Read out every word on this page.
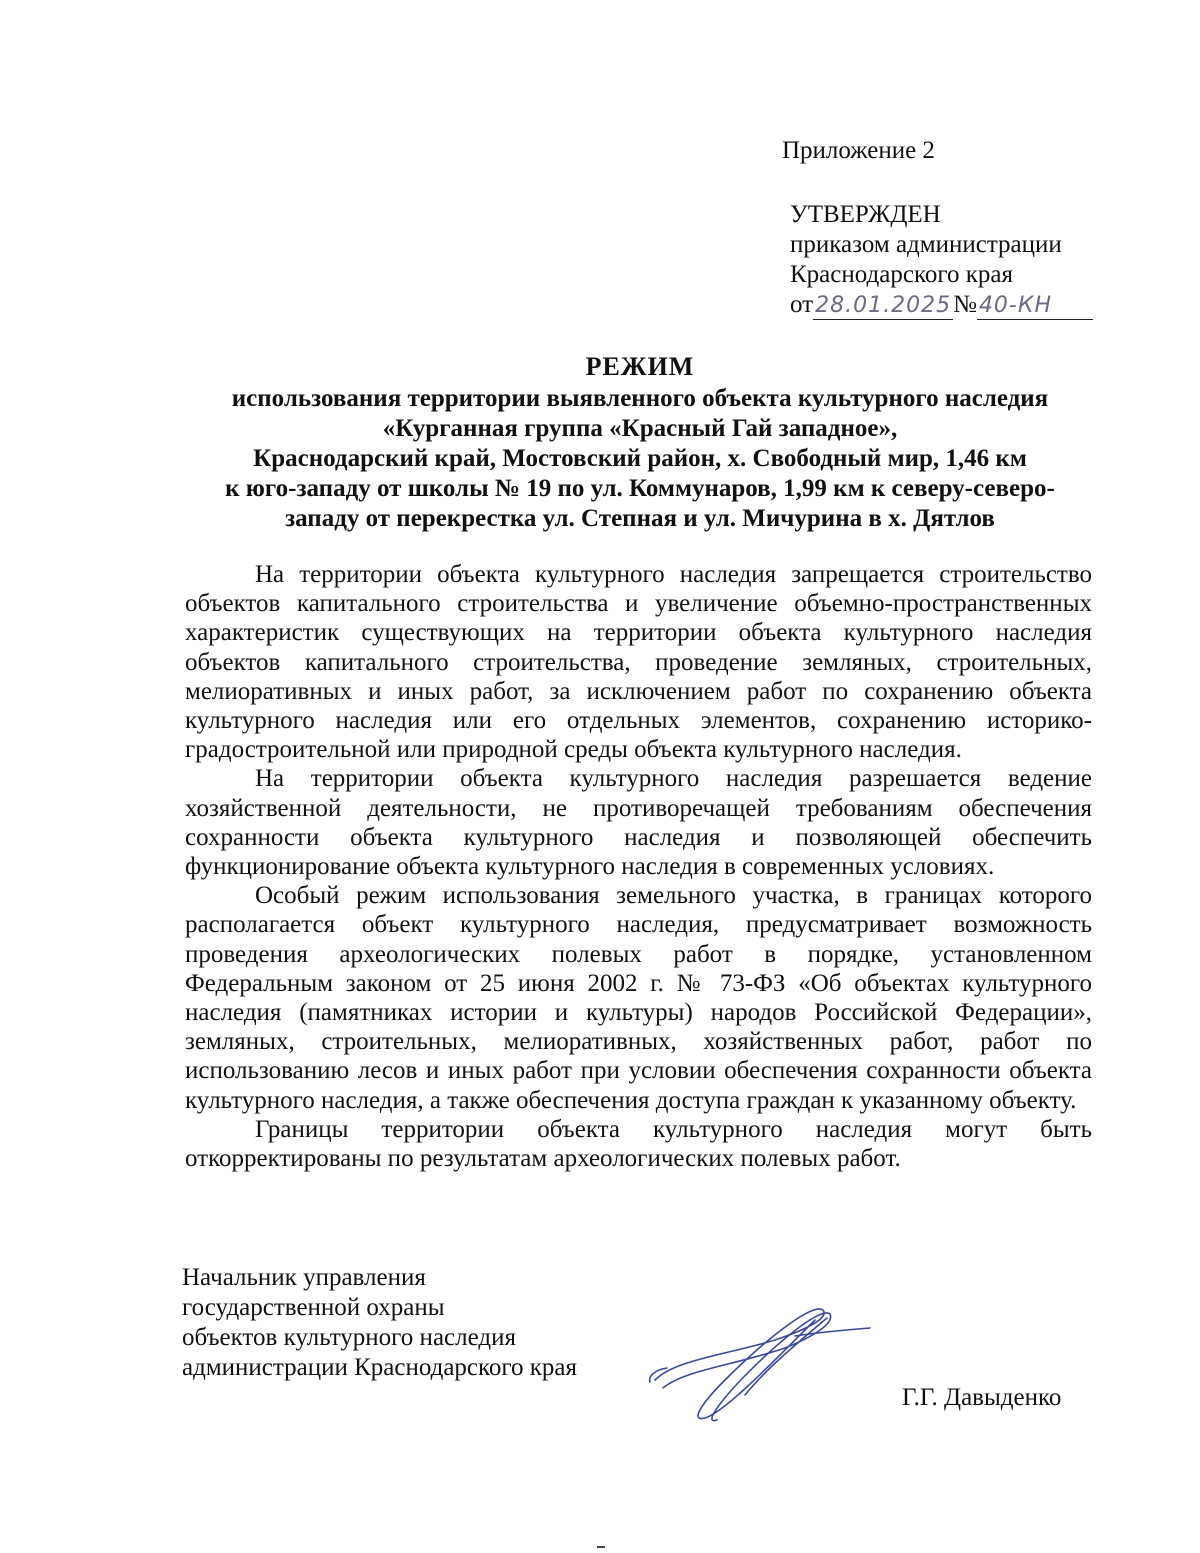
Приложение 2
УТВЕРЖДЕН
приказом администрации
Краснодарского края
от28.01.2025№40-КН
РЕЖИМ
использования территории выявленного объекта культурного наследия
«Курганная группа «Красный Гай западное»,
Краснодарский край, Мостовский район, х. Свободный мир, 1,46 км
к юго-западу от школы № 19 по ул. Коммунаров, 1,99 км к северу-северо-
западу от перекрестка ул. Степная и ул. Мичурина в х. Дятлов

На территории объекта культурного наследия запрещается строительство объектов капитального строительства и увеличение объемно-пространственных характеристик существующих на территории объекта культурного наследия объектов капитального строительства, проведение земляных, строительных, мелиоративных и иных работ, за исключением работ по сохранению объекта культурного наследия или его отдельных элементов, сохранению историко-градостроительной или природной среды объекта культурного наследия.

На территории объекта культурного наследия разрешается ведение хозяйственной деятельности, не противоречащей требованиям обеспечения сохранности объекта культурного наследия и позволяющей обеспечить функционирование объекта культурного наследия в современных условиях.

Особый режим использования земельного участка, в границах которого располагается объект культурного наследия, предусматривает возможность проведения археологических полевых работ в порядке, установленном Федеральным законом от 25 июня 2002 г. № 73-ФЗ «Об объектах культурного наследия (памятниках истории и культуры) народов Российской Федерации», земляных, строительных, мелиоративных, хозяйственных работ, работ по использованию лесов и иных работ при условии обеспечения сохранности объекта культурного наследия, а также обеспечения доступа граждан к указанному объекту.

Границы территории объекта культурного наследия могут быть откорректированы по результатам археологических полевых работ.

Начальник управления
государственной охраны
объектов культурного наследия
администрации Краснодарского края
Г.Г. Давыденко
